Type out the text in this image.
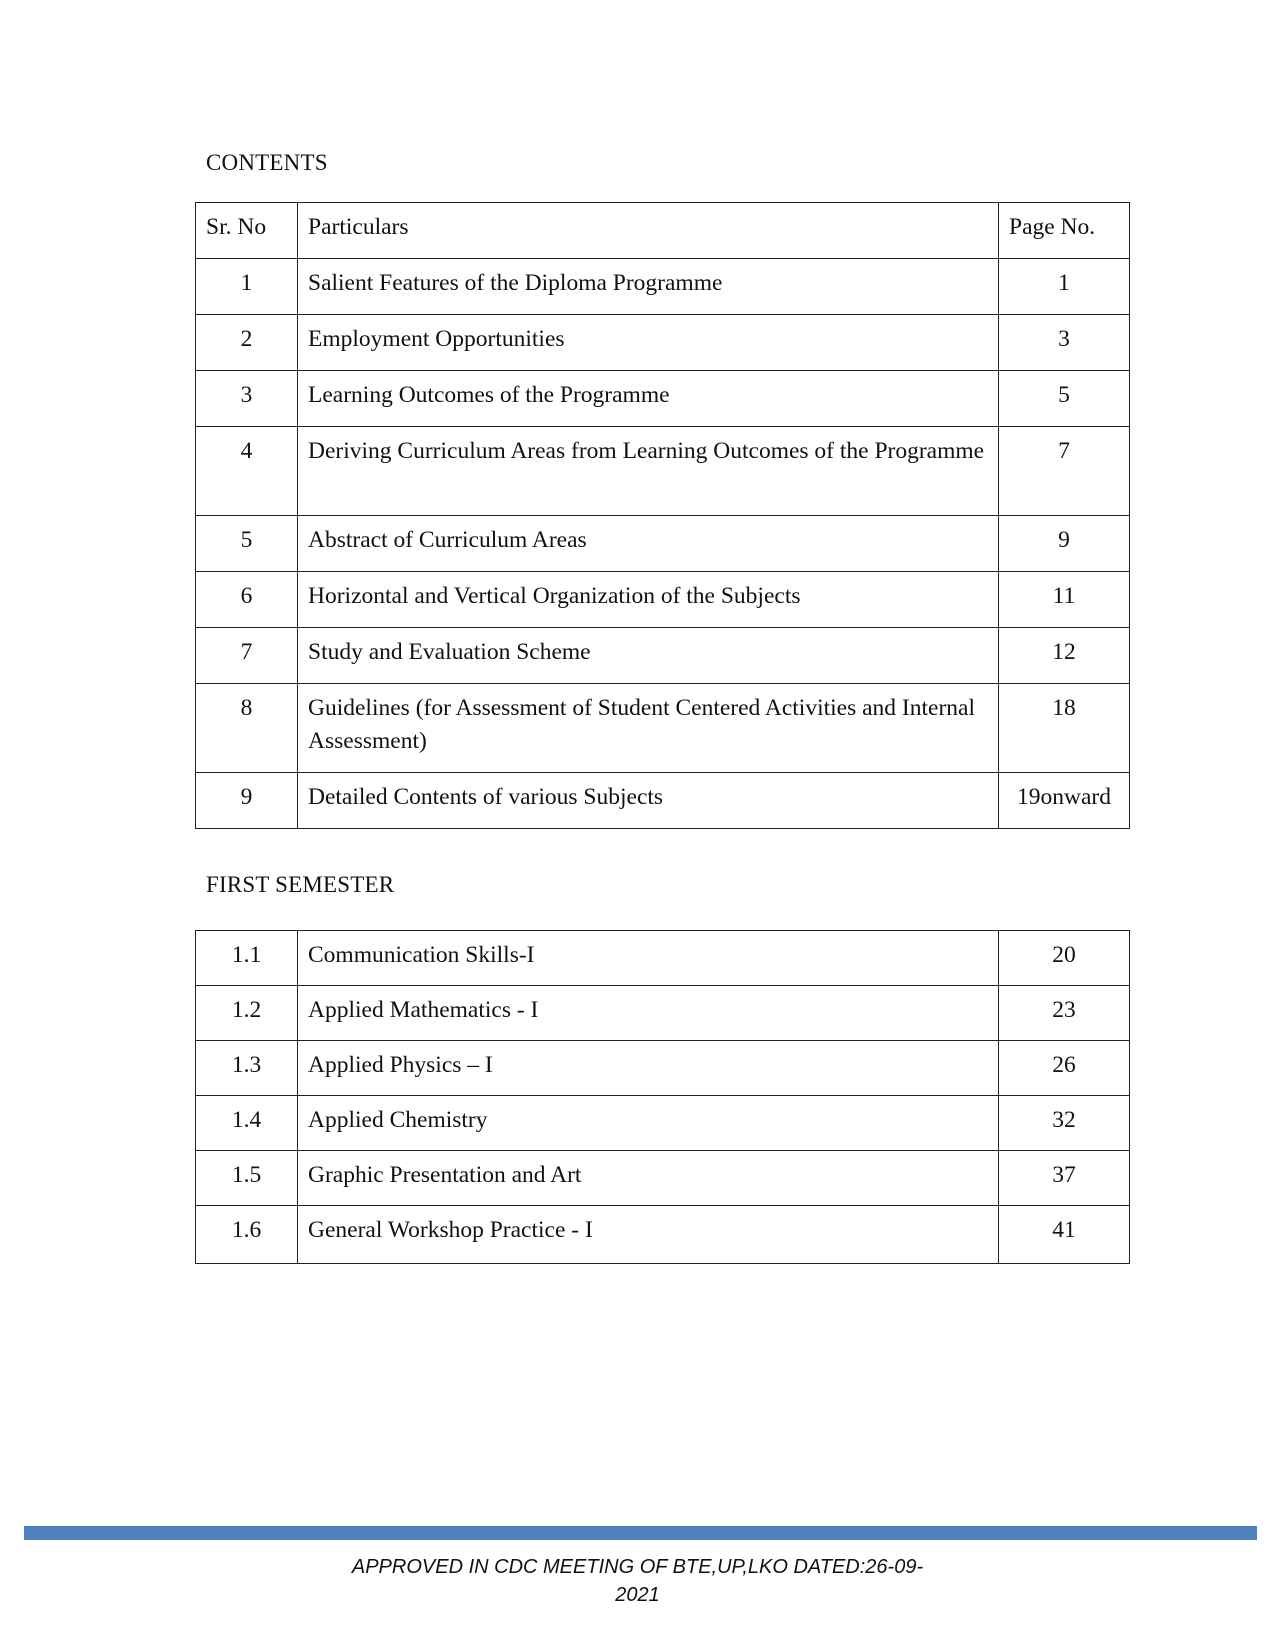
CONTENTS
Sr. No	Particulars	Page No.
1	Salient Features of the Diploma Programme	1
2	Employment Opportunities	3
3	Learning Outcomes of the Programme	5
4	Deriving Curriculum Areas from Learning Outcomes of the Programme	7
5	Abstract of Curriculum Areas	9
6	Horizontal and Vertical Organization of the Subjects	11
7	Study and Evaluation Scheme	12
8	Guidelines (for Assessment of Student Centered Activities and Internal Assessment)	18
9	Detailed Contents of various Subjects	19onward
FIRST SEMESTER
1.1	Communication Skills-I	20
1.2	Applied Mathematics - I	23
1.3	Applied Physics – I	26
1.4	Applied Chemistry	32
1.5	Graphic Presentation and Art	37
1.6	General Workshop Practice - I	41
APPROVED IN CDC MEETING OF BTE,UP,LKO DATED:26-09-
2021
